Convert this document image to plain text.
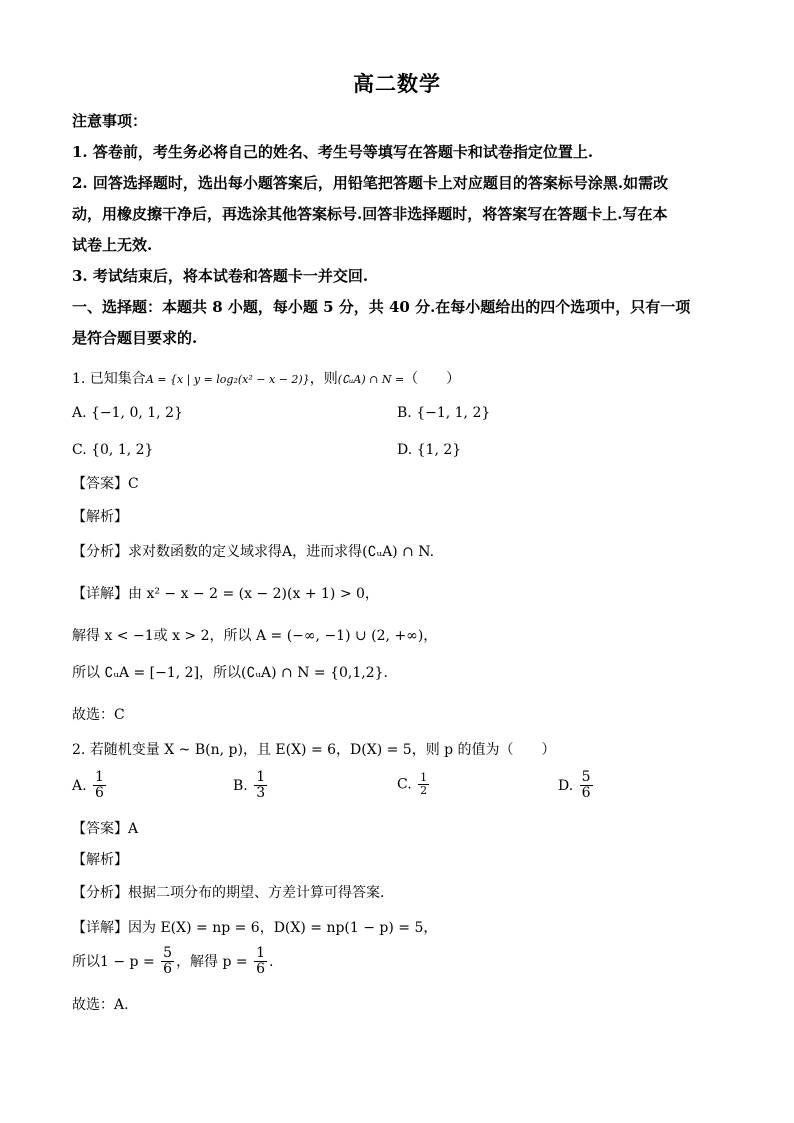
高二数学
注意事项：
1. 答卷前，考生务必将自己的姓名、考生号等填写在答题卡和试卷指定位置上.
2. 回答选择题时，选出每小题答案后，用铅笔把答题卡上对应题目的答案标号涂黑.如需改
动，用橡皮擦干净后，再选涂其他答案标号.回答非选择题时，将答案写在答题卡上.写在本
试卷上无效.
3. 考试结束后，将本试卷和答题卡一并交回.
一、选择题：本题共 8 小题，每小题 5 分，共 40 分.在每小题给出的四个选项中，只有一项
是符合题目要求的.
1. 已知集合A = {x | y = log₂(x² − x − 2)}，则(∁ᵤA) ∩ N =（　　）
A. {−1, 0, 1, 2}	B. {−1, 1, 2}
C. {0, 1, 2}	D. {1, 2}
【答案】C
【解析】
【分析】求对数函数的定义域求得A，进而求得(∁ᵤA) ∩ N.
【详解】由 x² − x − 2 = (x − 2)(x + 1) > 0，
解得 x < −1或 x > 2，所以 A = (−∞, −1) ∪ (2, +∞)，
所以 ∁ᵤA = [−1, 2]，所以(∁ᵤA) ∩ N = {0,1,2}.
故选：C
2. 若随机变量 X ~ B(n, p)，且 E(X) = 6，D(X) = 5，则 p 的值为（　　）
A. $\frac{1}{6}$	B. $\frac{1}{3}$	C. $\frac{1}{2}$	D. $\frac{5}{6}$
【答案】A
【解析】
【分析】根据二项分布的期望、方差计算可得答案.
【详解】因为 E(X) = np = 6，D(X) = np(1 − p) = 5，
所以$1 - p = \frac{5}{6}$ ，解得 $p = \frac{1}{6}$ .
故选：A.
